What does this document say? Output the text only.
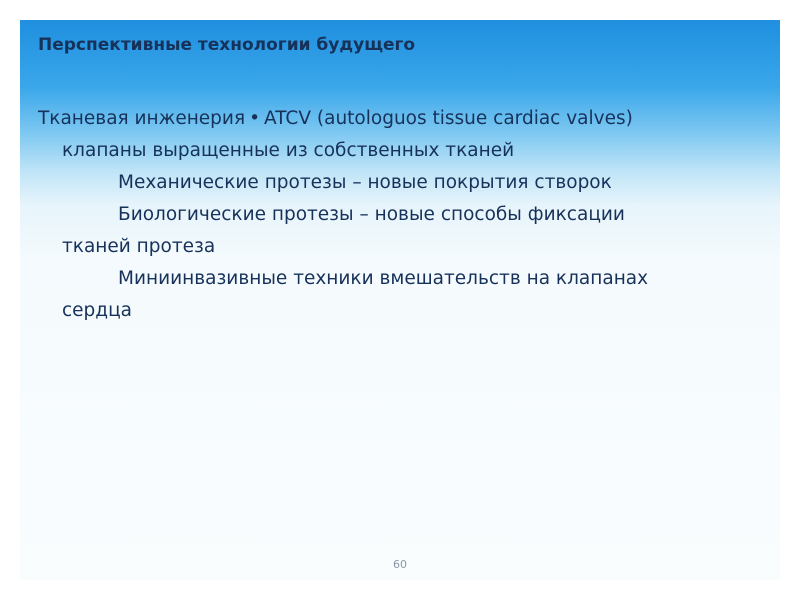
Перспективные технологии будущего
Тканевая инженерия • ATCV (autologuos tissue cardiac valves)
клапаны выращенные из собственных тканей
Механические протезы – новые покрытия створок
Биологические протезы – новые способы фиксации
тканей протеза
Миниинвазивные техники вмешательств на клапанах
сердца
60
